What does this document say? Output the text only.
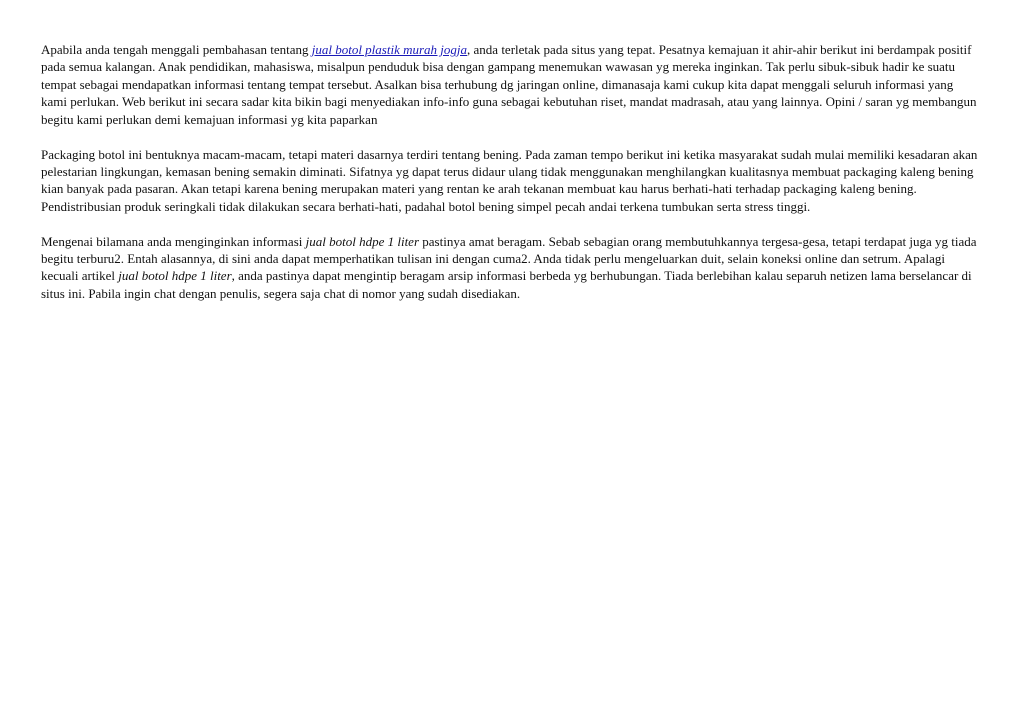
Apabila anda tengah menggali pembahasan tentang jual botol plastik murah jogja, anda terletak pada situs yang tepat. Pesatnya kemajuan it ahir-ahir berikut ini berdampak positif pada semua kalangan. Anak pendidikan, mahasiswa, misalpun penduduk bisa dengan gampang menemukan wawasan yg mereka inginkan. Tak perlu sibuk-sibuk hadir ke suatu tempat sebagai mendapatkan informasi tentang tempat tersebut. Asalkan bisa terhubung dg jaringan online, dimanasaja kami cukup kita dapat menggali seluruh informasi yang kami perlukan. Web berikut ini secara sadar kita bikin bagi menyediakan info-info guna sebagai kebutuhan riset, mandat madrasah, atau yang lainnya. Opini / saran yg membangun begitu kami perlukan demi kemajuan informasi yg kita paparkan

Packaging botol ini bentuknya macam-macam, tetapi materi dasarnya terdiri tentang bening. Pada zaman tempo berikut ini ketika masyarakat sudah mulai memiliki kesadaran akan pelestarian lingkungan, kemasan bening semakin diminati. Sifatnya yg dapat terus didaur ulang tidak menggunakan menghilangkan kualitasnya membuat packaging kaleng bening kian banyak pada pasaran. Akan tetapi karena bening merupakan materi yang rentan ke arah tekanan membuat kau harus berhati-hati terhadap packaging kaleng bening. Pendistribusian produk seringkali tidak dilakukan secara berhati-hati, padahal botol bening simpel pecah andai terkena tumbukan serta stress tinggi.

Mengenai bilamana anda menginginkan informasi jual botol hdpe 1 liter pastinya amat beragam. Sebab sebagian orang membutuhkannya tergesa-gesa, tetapi terdapat juga yg tiada begitu terburu2. Entah alasannya, di sini anda dapat memperhatikan tulisan ini dengan cuma2. Anda tidak perlu mengeluarkan duit, selain koneksi online dan setrum. Apalagi kecuali artikel jual botol hdpe 1 liter, anda pastinya dapat mengintip beragam arsip informasi berbeda yg berhubungan. Tiada berlebihan kalau separuh netizen lama berselancar di situs ini. Pabila ingin chat dengan penulis, segera saja chat di nomor yang sudah disediakan.
